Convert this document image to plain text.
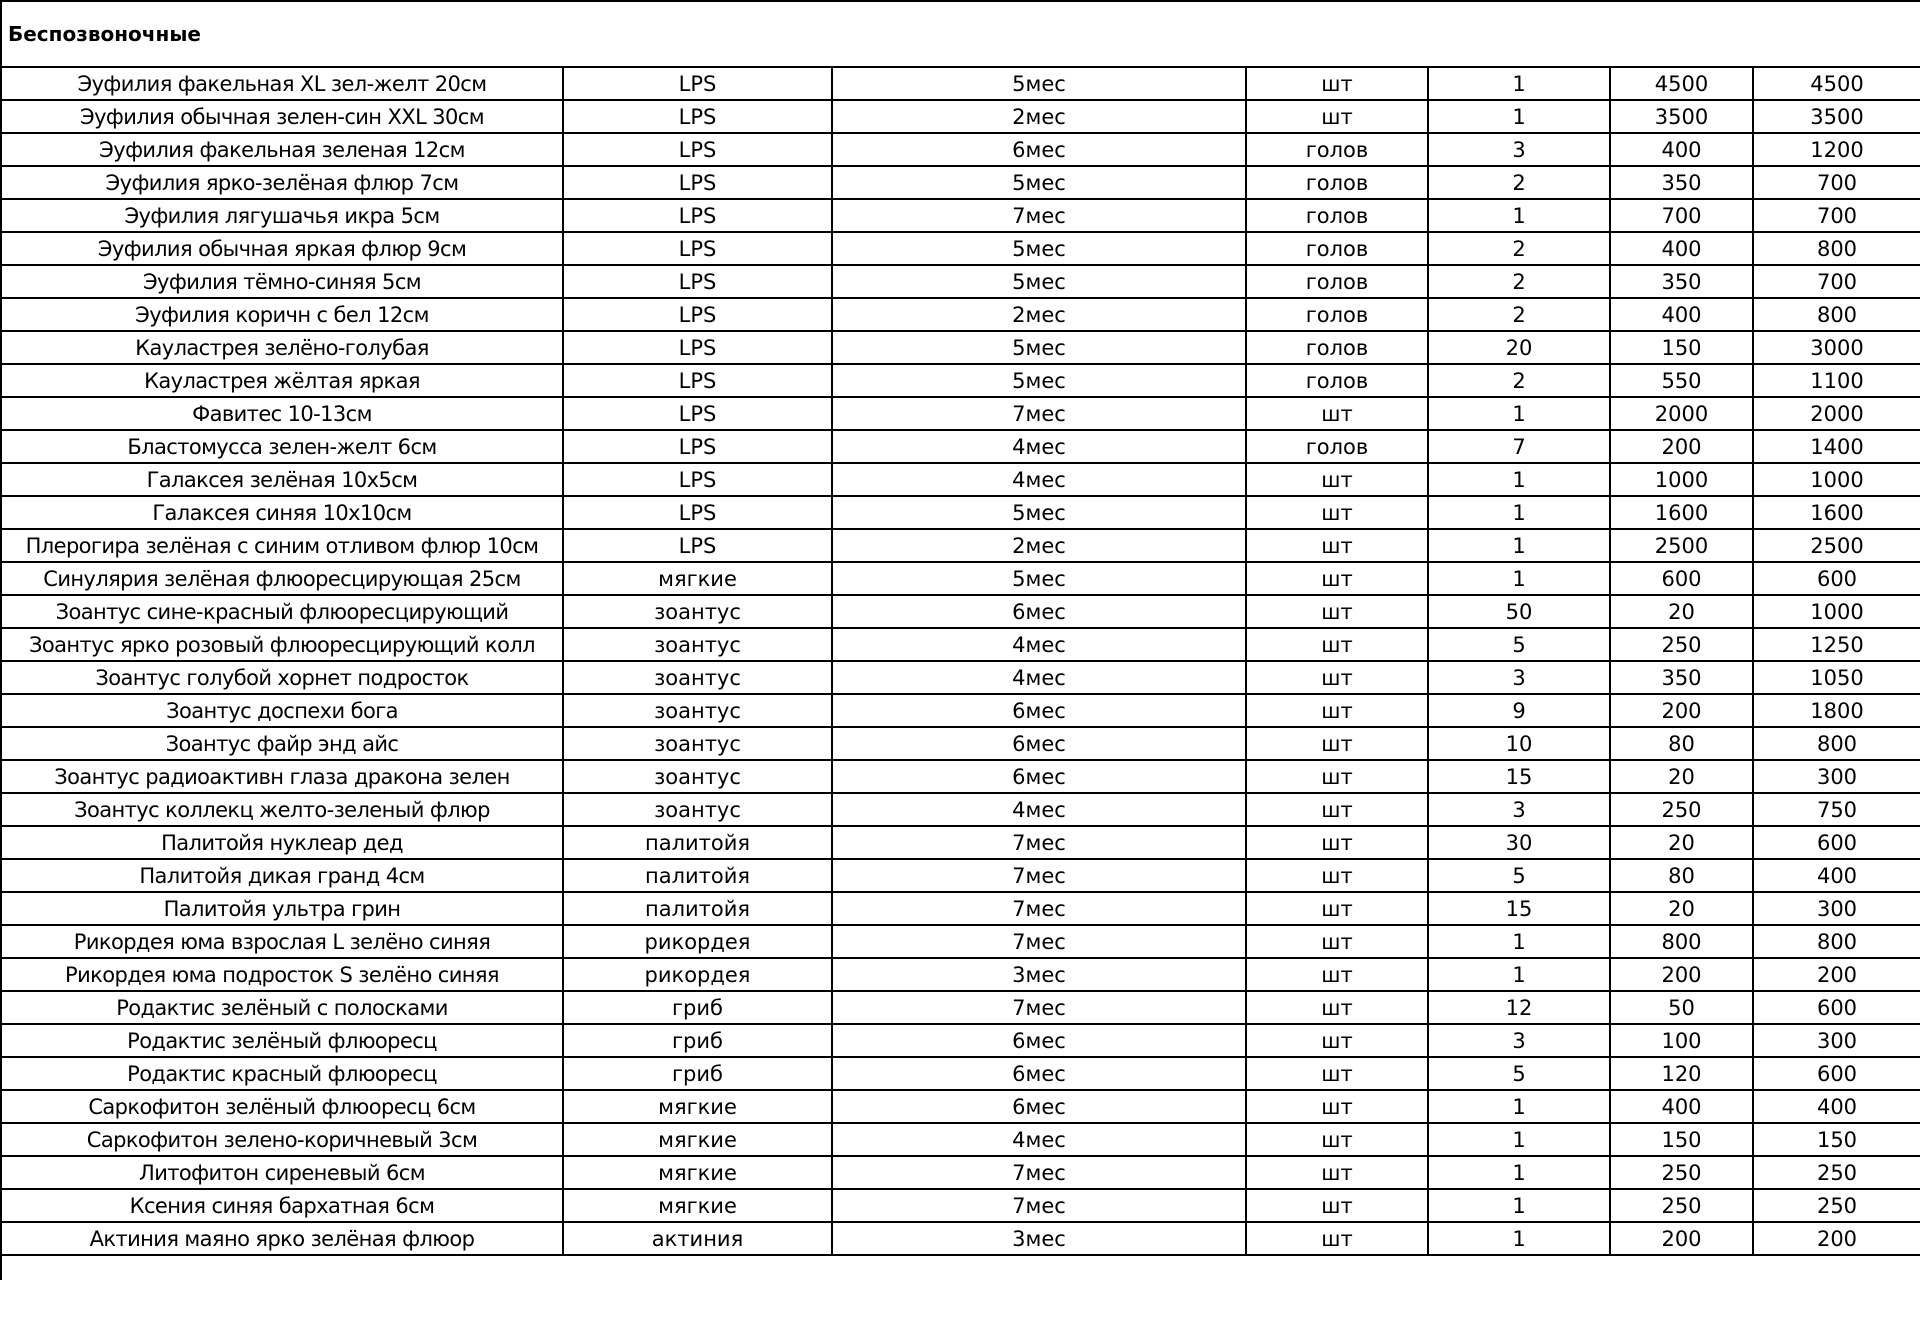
Беспозвоночные						
Эуфилия факельная XL зел-желт 20см	LPS	5мес	шт	1	4500	4500
Эуфилия обычная зелен-син XXL 30см	LPS	2мес	шт	1	3500	3500
Эуфилия факельная зеленая 12см	LPS	6мес	голов	3	400	1200
Эуфилия ярко-зелёная флюр 7см	LPS	5мес	голов	2	350	700
Эуфилия лягушачья икра 5см	LPS	7мес	голов	1	700	700
Эуфилия обычная яркая флюр 9см	LPS	5мес	голов	2	400	800
Эуфилия тёмно-синяя 5см	LPS	5мес	голов	2	350	700
Эуфилия коричн с бел 12см	LPS	2мес	голов	2	400	800
Кауластрея зелёно-голубая	LPS	5мес	голов	20	150	3000
Кауластрея жёлтая яркая	LPS	5мес	голов	2	550	1100
Фавитес 10-13см	LPS	7мес	шт	1	2000	2000
Бластомусса зелен-желт 6см	LPS	4мес	голов	7	200	1400
Галаксея зелёная 10х5см	LPS	4мес	шт	1	1000	1000
Галаксея синяя 10х10см	LPS	5мес	шт	1	1600	1600
Плерогира зелёная с синим отливом флюр 10см	LPS	2мес	шт	1	2500	2500
Синулярия зелёная флюоресцирующая 25см	мягкие	5мес	шт	1	600	600
Зоантус сине-красный флюоресцирующий	зоантус	6мес	шт	50	20	1000
Зоантус ярко розовый флюоресцирующий колл	зоантус	4мес	шт	5	250	1250
Зоантус голубой хорнет подросток	зоантус	4мес	шт	3	350	1050
Зоантус доспехи бога	зоантус	6мес	шт	9	200	1800
Зоантус файр энд айс	зоантус	6мес	шт	10	80	800
Зоантус радиоактивн глаза дракона зелен	зоантус	6мес	шт	15	20	300
Зоантус коллекц желто-зеленый флюр	зоантус	4мес	шт	3	250	750
Палитойя нуклеар дед	палитойя	7мес	шт	30	20	600
Палитойя дикая гранд 4см	палитойя	7мес	шт	5	80	400
Палитойя ультра грин	палитойя	7мес	шт	15	20	300
Рикордея юма взрослая L зелёно синяя	рикордея	7мес	шт	1	800	800
Рикордея юма подросток S зелёно синяя	рикордея	3мес	шт	1	200	200
Родактис зелёный с полосками	гриб	7мес	шт	12	50	600
Родактис зелёный флюоресц	гриб	6мес	шт	3	100	300
Родактис красный флюоресц	гриб	6мес	шт	5	120	600
Саркофитон зелёный флюоресц 6см	мягкие	6мес	шт	1	400	400
Саркофитон зелено-коричневый 3см	мягкие	4мес	шт	1	150	150
Литофитон сиреневый 6см	мягкие	7мес	шт	1	250	250
Ксения синяя бархатная 6см	мягкие	7мес	шт	1	250	250
Актиния маяно ярко зелёная флюор	актиния	3мес	шт	1	200	200
